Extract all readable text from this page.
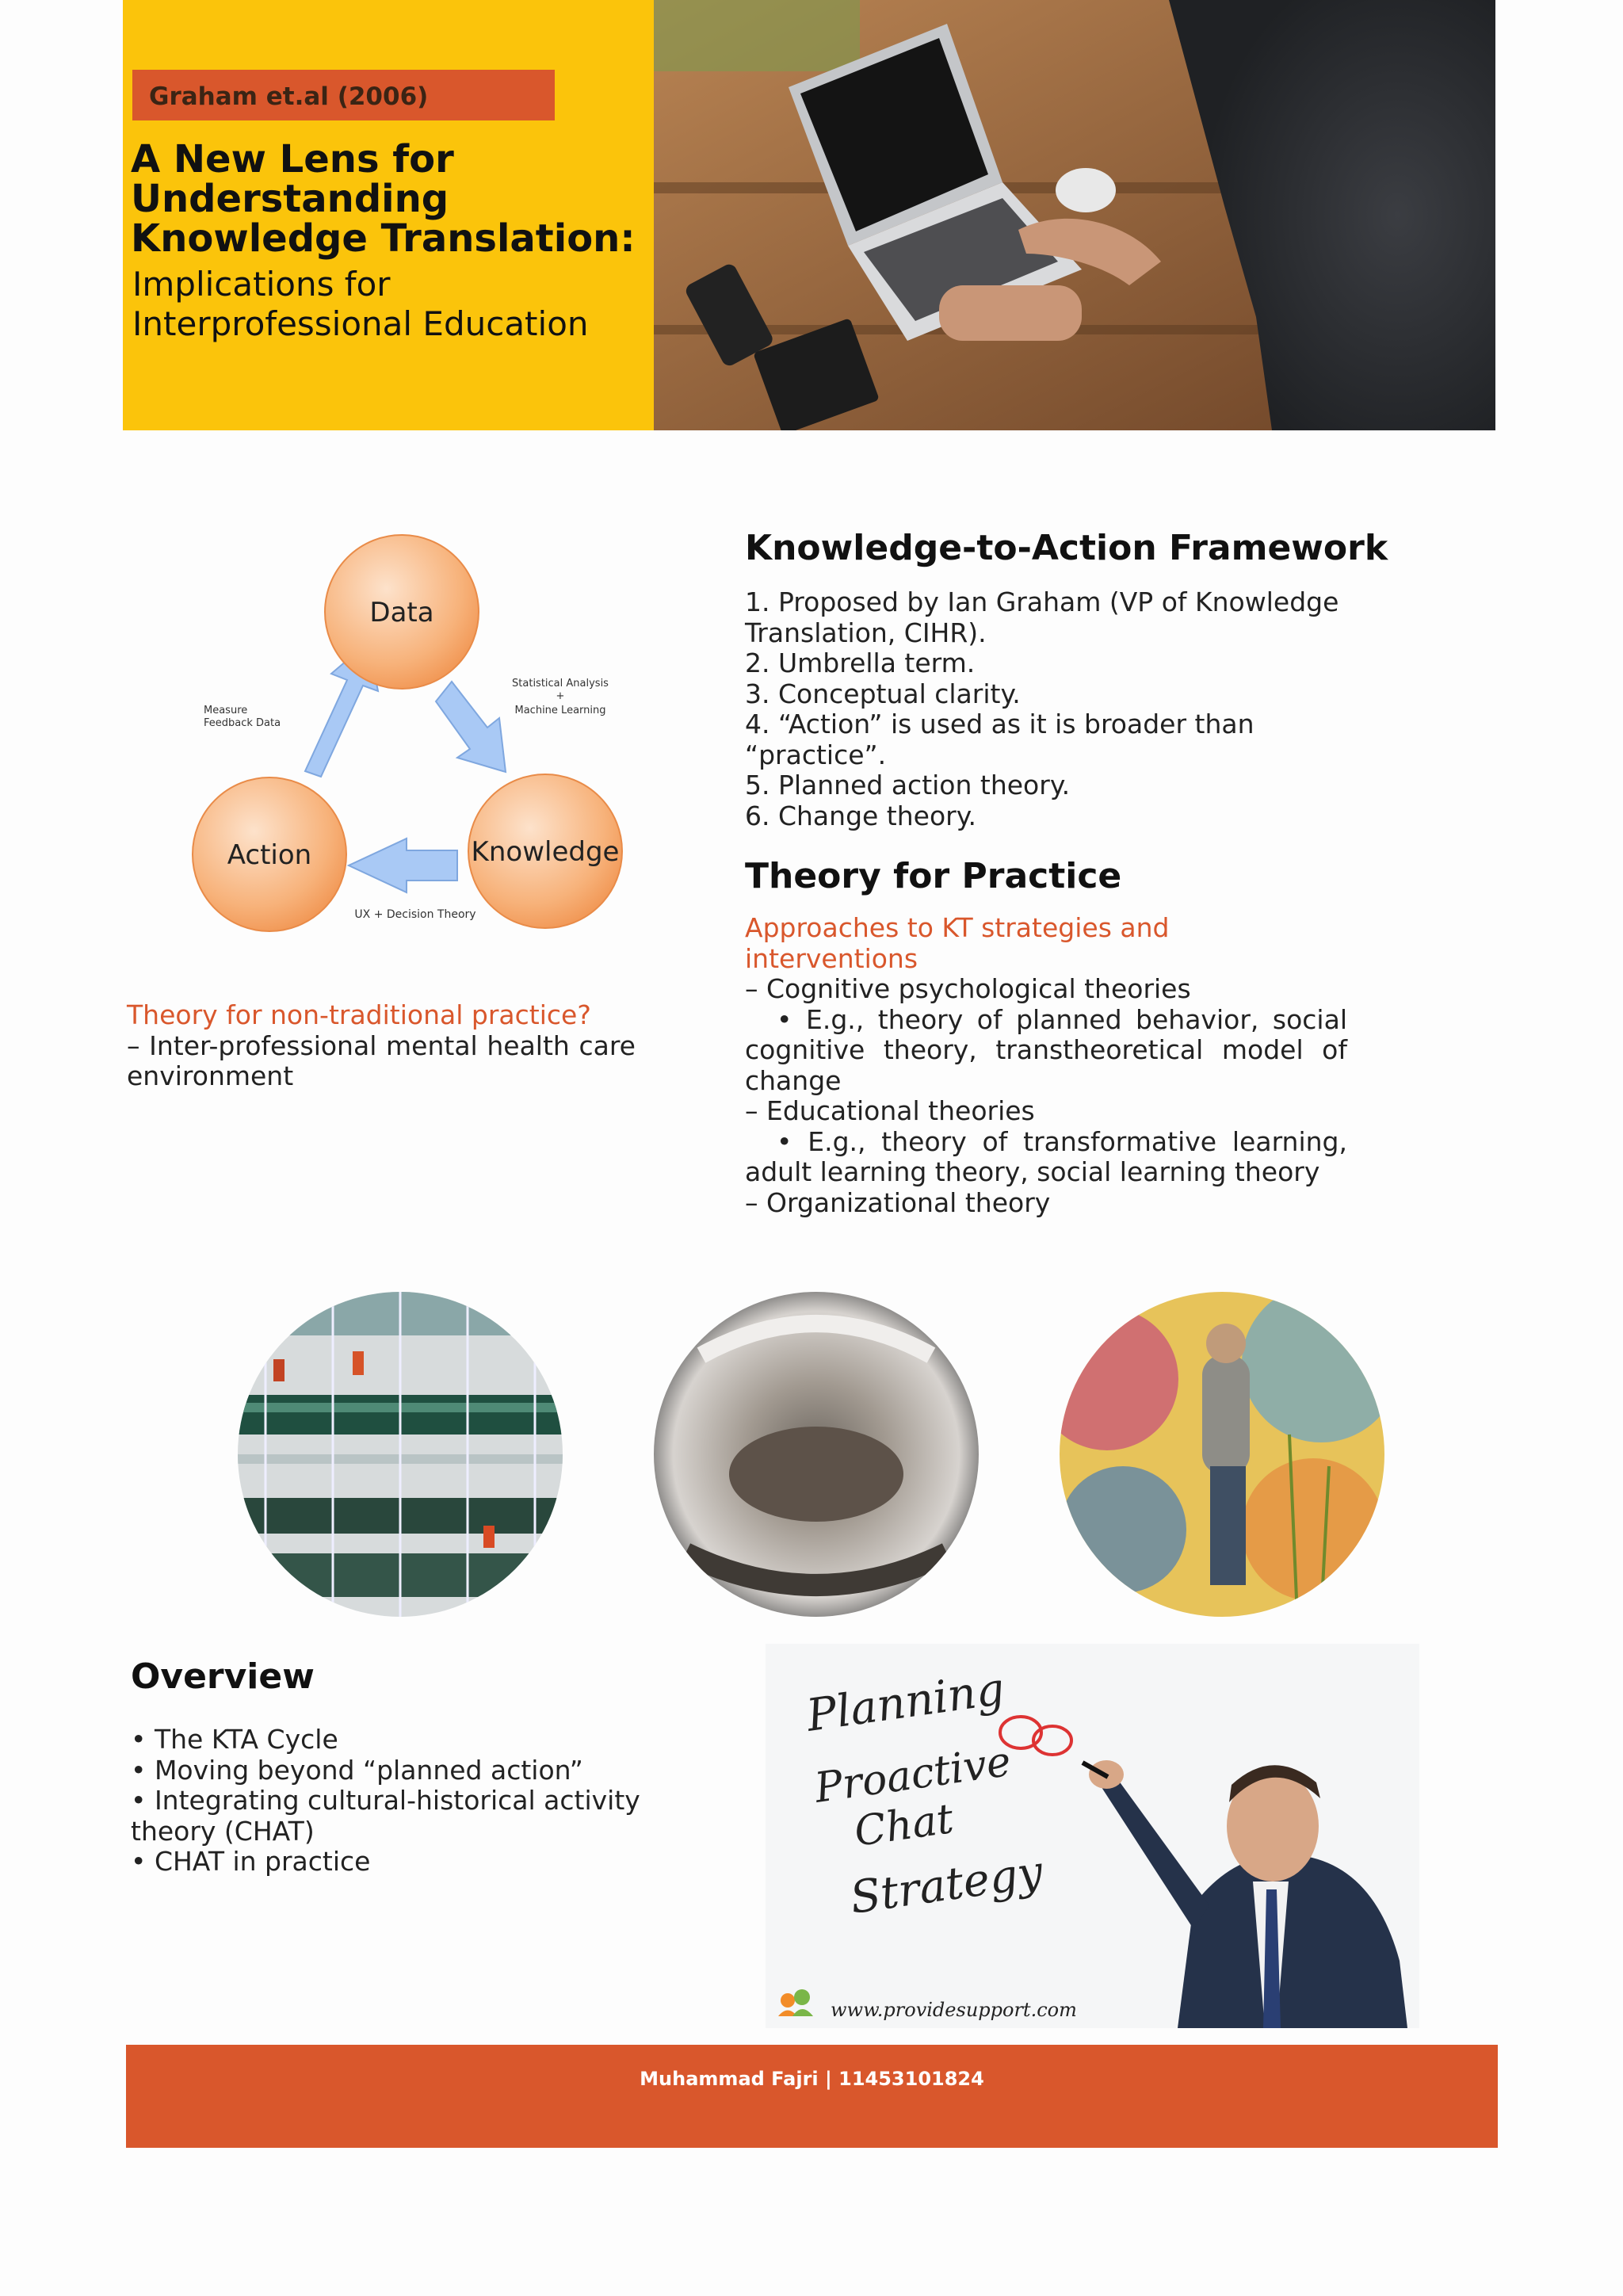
Graham et.al (2006)
A New Lens for
Understanding
Knowledge Translation:
Implications for
Interprofessional Education
Data
Action	Knowledge
Measure
Feedback Data
Statistical Analysis
+
Machine Learning
UX + Decision Theory
Theory for non-traditional practice?
– Inter-professional mental health care environment
Knowledge-to-Action Framework
1. Proposed by Ian Graham (VP of Knowledge Translation, CIHR).
2. Umbrella term.
3. Conceptual clarity.
4. “Action” is used as it is broader than “practice”.
5. Planned action theory.
6. Change theory.
Theory for Practice
Approaches to KT strategies and interventions
– Cognitive psychological theories
• E.g., theory of planned behavior, social cognitive theory, transtheoretical model of change
– Educational theories
• E.g., theory of transformative learning, adult learning theory, social learning theory
– Organizational theory
Overview
• The KTA Cycle
• Moving beyond “planned action”
• Integrating cultural-historical activity theory (CHAT)
• CHAT in practice
Planning
Proactive
Chat
Strategy
www.providesupport.com
Muhammad Fajri | 11453101824
